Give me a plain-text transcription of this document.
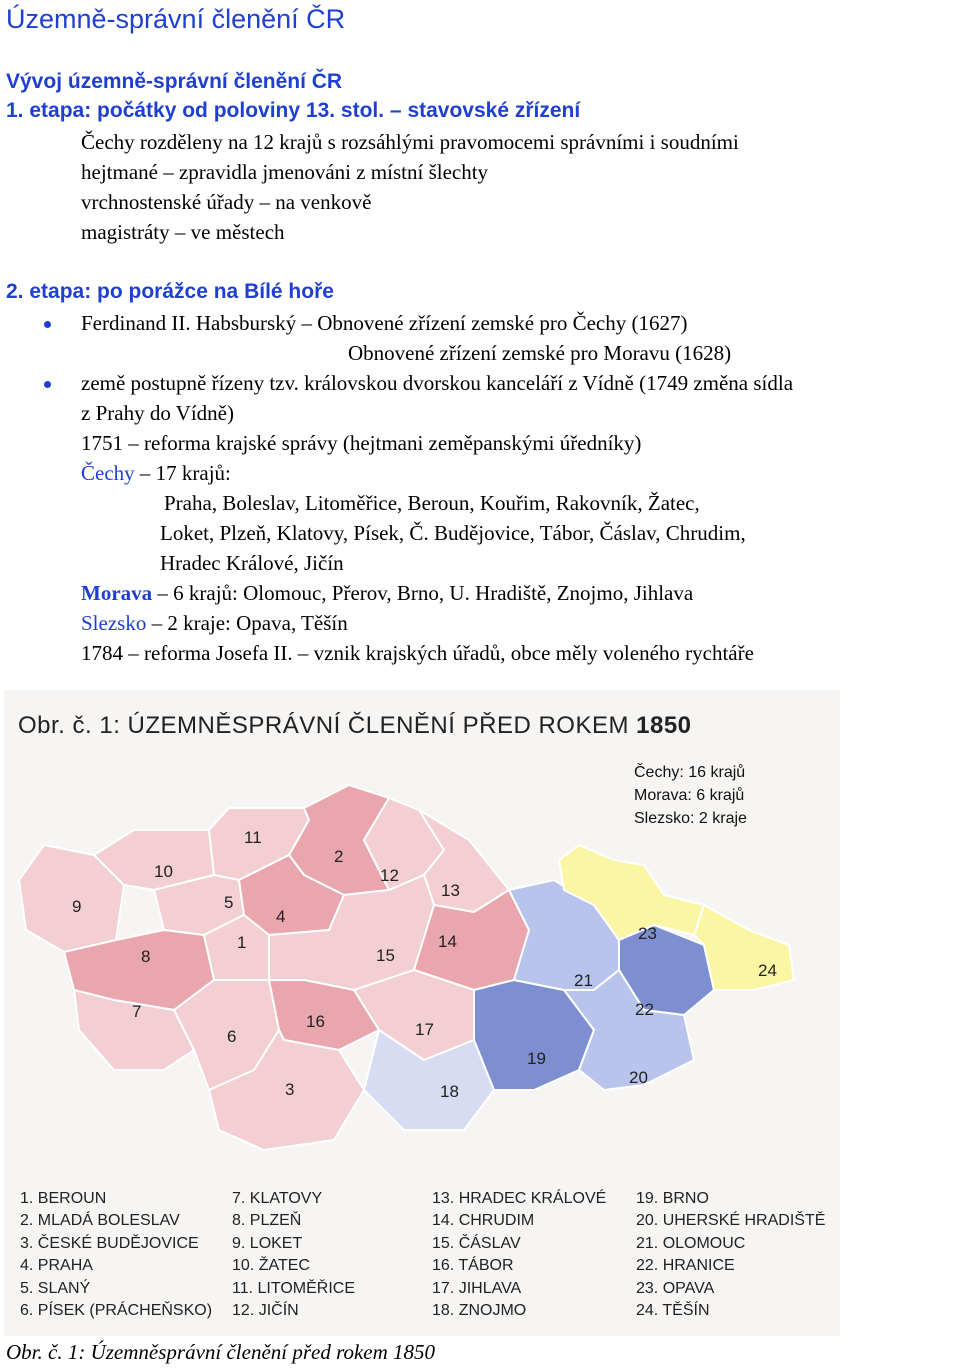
Územně-správní členění ČR
Vývoj územně-správní členění ČR
1. etapa: počátky od poloviny 13. stol. – stavovské zřízení
Čechy rozděleny na 12 krajů s rozsáhlými pravomocemi správními i soudními
hejtmané – zpravidla jmenováni z místní šlechty
vrchnostenské úřady – na venkově
magistráty – ve městech
2. etapa: po porážce na Bílé hoře
Ferdinand II. Habsburský – Obnovené zřízení zemské pro Čechy (1627)
Obnovené zřízení zemské pro Moravu (1628)
země postupně řízeny tzv. královskou dvorskou kanceláří z Vídně (1749 změna sídla
z Prahy do Vídně)
1751 – reforma krajské správy (hejtmani zeměpanskými úředníky)
Čechy – 17 krajů:
Praha, Boleslav, Litoměřice, Beroun, Kouřim, Rakovník, Žatec,
Loket, Plzeň, Klatovy, Písek, Č. Budějovice, Tábor, Čáslav, Chrudim,
Hradec Králové, Jičín
Morava – 6 krajů: Olomouc, Přerov, Brno, U. Hradiště, Znojmo, Jihlava
Slezsko – 2 kraje: Opava, Těšín
1784 – reforma Josefa II. – vznik krajských úřadů, obce měly voleného rychtáře
Obr. č. 1: ÚZEMNĚSPRÁVNÍ ČLENĚNÍ PŘED ROKEM 1850
Čechy: 16 krajů
Morava: 6 krajů
Slezsko: 2 kraje
1
2
3
4
5
6
7
8
9
10
11
12
13
14
15
16	17
18
19
20
21
22
23
24
1. BEROUN
2. MLADÁ BOLESLAV
3. ČESKÉ BUDĚJOVICE
4. PRAHA
5. SLANÝ
6. PÍSEK (PRÁCHEŇSKO)
7. KLATOVY
8. PLZEŇ
9. LOKET
10. ŽATEC
11. LITOMĚŘICE
12. JIČÍN
13. HRADEC KRÁLOVÉ
14. CHRUDIM
15. ČÁSLAV
16. TÁBOR
17. JIHLAVA
18. ZNOJMO
19. BRNO
20. UHERSKÉ HRADIŠTĚ
21. OLOMOUC
22. HRANICE
23. OPAVA
24. TĚŠÍN
Obr. č. 1: Územněsprávní členění před rokem 1850
